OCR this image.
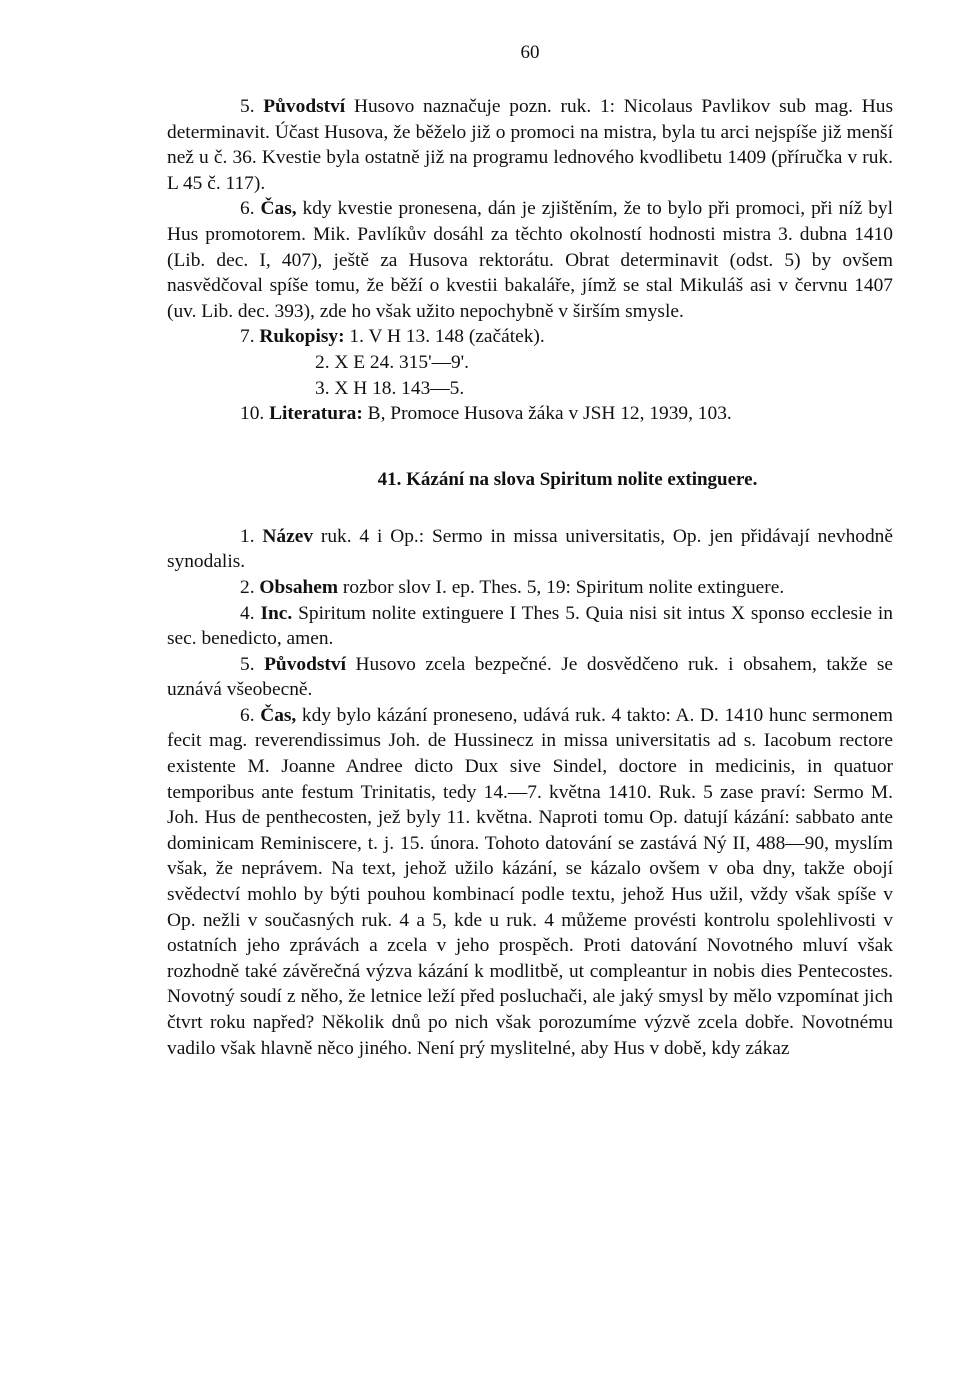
60

5. Původství Husovo naznačuje pozn. ruk. 1: Nicolaus Pavlikov sub mag. Hus determinavit. Účast Husova, že běželo již o promoci na mistra, byla tu arci nejspíše již menší než u č. 36. Kvestie byla ostatně již na programu lednového kvodlibetu 1409 (příručka v ruk. L 45 č. 117).

6. Čas, kdy kvestie pronesena, dán je zjištěním, že to bylo při promoci, při níž byl Hus promotorem. Mik. Pavlíkův dosáhl za těchto okolností hodnosti mistra 3. dubna 1410 (Lib. dec. I, 407), ještě za Husova rektorátu. Obrat determinavit (odst. 5) by ovšem nasvědčoval spíše tomu, že běží o kvestii bakaláře, jímž se stal Mikuláš asi v červnu 1407 (uv. Lib. dec. 393), zde ho však užito nepochybně v širším smysle.

7. Rukopisy: 1. V H 13. 148 (začátek).

2. X E 24. 315'—9'.

3. X H 18. 143—5.

10. Literatura: B, Promoce Husova žáka v JSH 12, 1939, 103.

41. Kázání na slova Spiritum nolite extinguere.

1. Název ruk. 4 i Op.: Sermo in missa universitatis, Op. jen přidávají nevhodně synodalis.

2. Obsahem rozbor slov I. ep. Thes. 5, 19: Spiritum nolite extinguere.

4. Inc. Spiritum nolite extinguere I Thes 5. Quia nisi sit intus X sponso ecclesie in sec. benedicto, amen.

5. Původství Husovo zcela bezpečné. Je dosvědčeno ruk. i obsahem, takže se uznává všeobecně.

6. Čas, kdy bylo kázání proneseno, udává ruk. 4 takto: A. D. 1410 hunc sermonem fecit mag. reverendissimus Joh. de Hussinecz in missa universitatis ad s. Iacobum rectore existente M. Joanne Andree dicto Dux sive Sindel, doctore in medicinis, in quatuor temporibus ante festum Trinitatis, tedy 14.—7. května 1410. Ruk. 5 zase praví: Sermo M. Joh. Hus de penthecosten, jež byly 11. května. Naproti tomu Op. datují kázání: sabbato ante dominicam Reminiscere, t. j. 15. února. Tohoto datování se zastává Ný II, 488—90, myslím však, že neprávem. Na text, jehož užilo kázání, se kázalo ovšem v oba dny, takže obojí svědectví mohlo by býti pouhou kombinací podle textu, jehož Hus užil, vždy však spíše v Op. nežli v současných ruk. 4 a 5, kde u ruk. 4 můžeme provésti kontrolu spolehlivosti v ostatních jeho zprávách a zcela v jeho prospěch. Proti datování Novotného mluví však rozhodně také závěrečná výzva kázání k modlitbě, ut compleantur in nobis dies Pentecostes. Novotný soudí z něho, že letnice leží před posluchači, ale jaký smysl by mělo vzpomínat jich čtvrt roku napřed? Několik dnů po nich však porozumíme výzvě zcela dobře. Novotnému vadilo však hlavně něco jiného. Není prý myslitelné, aby Hus v době, kdy zákaz
